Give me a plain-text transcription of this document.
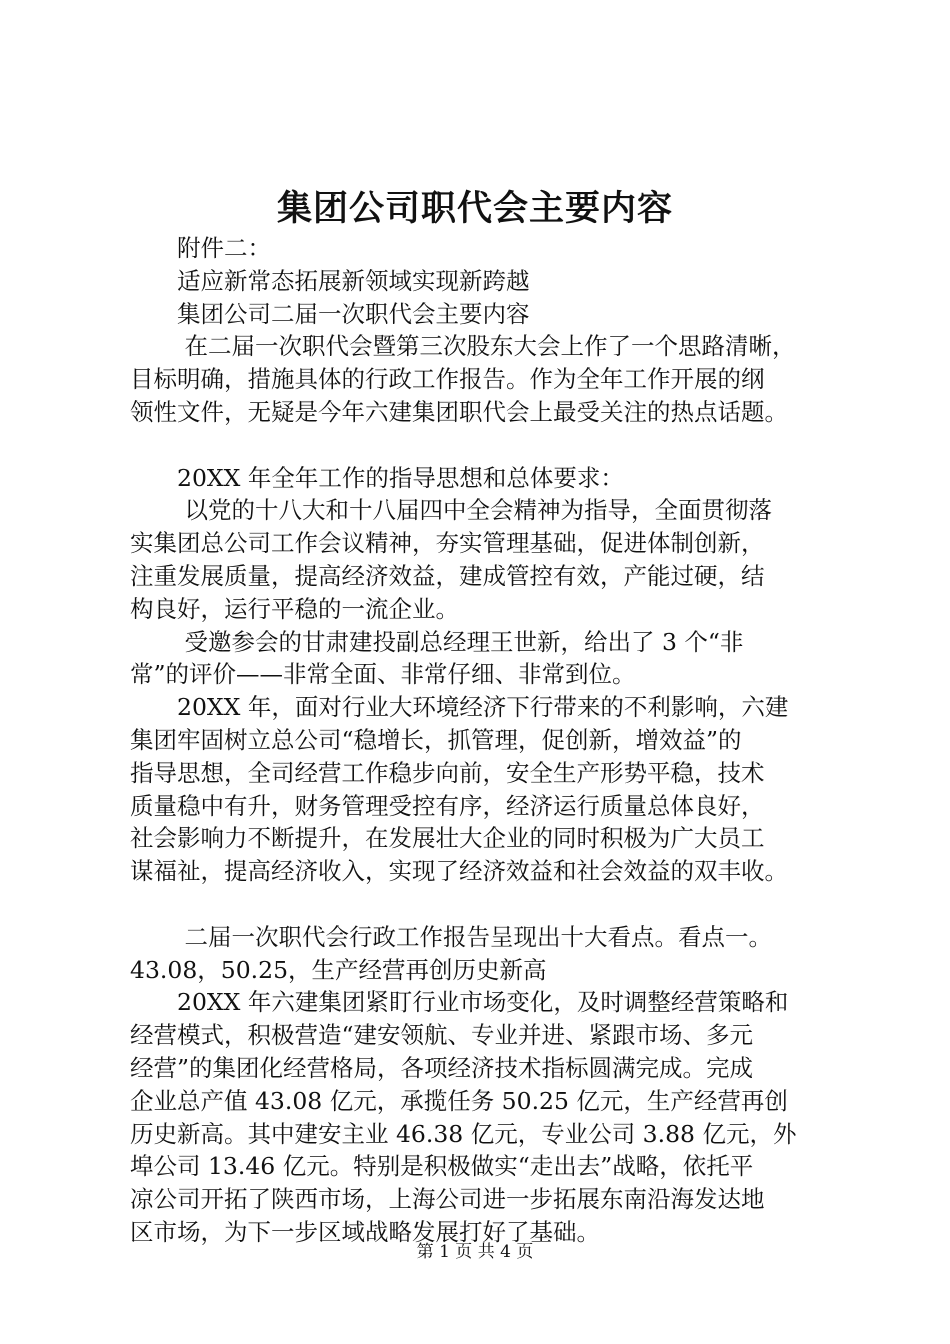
集团公司职代会主要内容
　　附件二：
　　适应新常态拓展新领域实现新跨越
　　集团公司二届一次职代会主要内容
　　 在二届一次职代会暨第三次股东大会上作了一个思路清晰，
目标明确，措施具体的行政工作报告。作为全年工作开展的纲
领性文件，无疑是今年六建集团职代会上最受关注的热点话题。
　　20XX 年全年工作的指导思想和总体要求：
　　 以党的十八大和十八届四中全会精神为指导，全面贯彻落
实集团总公司工作会议精神，夯实管理基础，促进体制创新，
注重发展质量，提高经济效益，建成管控有效，产能过硬，结
构良好，运行平稳的一流企业。
　　 受邀参会的甘肃建投副总经理王世新，给出了 3 个“非
常”的评价——非常全面、非常仔细、非常到位。
　　20XX 年，面对行业大环境经济下行带来的不利影响，六建
集团牢固树立总公司“稳增长，抓管理，促创新，增效益”的
指导思想，全司经营工作稳步向前，安全生产形势平稳，技术
质量稳中有升，财务管理受控有序，经济运行质量总体良好，
社会影响力不断提升，在发展壮大企业的同时积极为广大员工
谋福祉，提高经济收入，实现了经济效益和社会效益的双丰收。
　　 二届一次职代会行政工作报告呈现出十大看点。看点一。
43.08，50.25，生产经营再创历史新高
　　20XX 年六建集团紧盯行业市场变化，及时调整经营策略和
经营模式，积极营造“建安领航、专业并进、紧跟市场、多元
经营”的集团化经营格局，各项经济技术指标圆满完成。完成
企业总产值 43.08 亿元，承揽任务 50.25 亿元，生产经营再创
历史新高。其中建安主业 46.38 亿元，专业公司 3.88 亿元，外
埠公司 13.46 亿元。特别是积极做实“走出去”战略，依托平
凉公司开拓了陕西市场，上海公司进一步拓展东南沿海发达地
区市场，为下一步区域战略发展打好了基础。
第 1 页 共 4 页
